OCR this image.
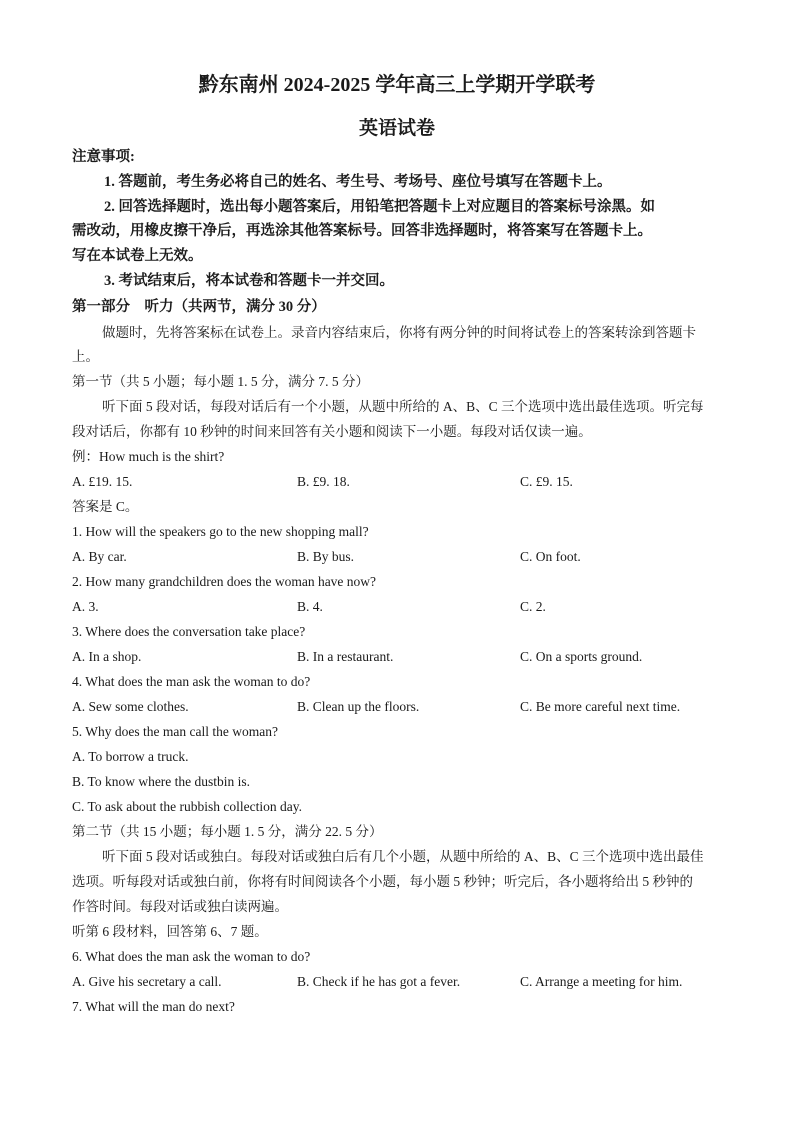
黔东南州 2024-2025 学年高三上学期开学联考
英语试卷
注意事项:
1. 答题前，考生务必将自己的姓名、考生号、考场号、座位号填写在答题卡上。
2. 回答选择题时，选出每小题答案后，用铅笔把答题卡上对应题目的答案标号涂黑。如
需改动，用橡皮擦干净后，再选涂其他答案标号。回答非选择题时，将答案写在答题卡上。
写在本试卷上无效。
3. 考试结束后，将本试卷和答题卡一并交回。
第一部分　听力（共两节，满分 30 分）
做题时，先将答案标在试卷上。录音内容结束后，你将有两分钟的时间将试卷上的答案转涂到答题卡
上。
第一节（共 5 小题；每小题 1. 5 分，满分 7. 5 分）
听下面 5 段对话，每段对话后有一个小题，从题中所给的 A、B、C 三个选项中选出最佳选项。听完每
段对话后，你都有 10 秒钟的时间来回答有关小题和阅读下一小题。每段对话仅读一遍。
例：How much is the shirt?
A. £19. 15.	B. £9. 18.	C. £9. 15.
答案是 C。
1. How will the speakers go to the new shopping mall?
A. By car.	B. By bus.	C. On foot.
2. How many grandchildren does the woman have now?
A. 3.	B. 4.	C. 2.
3. Where does the conversation take place?
A. In a shop.	B. In a restaurant.	C. On a sports ground.
4. What does the man ask the woman to do?
A. Sew some clothes.	B. Clean up the floors.	C. Be more careful next time.
5. Why does the man call the woman?
A. To borrow a truck.
B. To know where the dustbin is.
C. To ask about the rubbish collection day.
第二节（共 15 小题；每小题 1. 5 分，满分 22. 5 分）
听下面 5 段对话或独白。每段对话或独白后有几个小题，从题中所给的 A、B、C 三个选项中选出最佳
选项。听每段对话或独白前，你将有时间阅读各个小题，每小题 5 秒钟；听完后，各小题将给出 5 秒钟的
作答时间。每段对话或独白读两遍。
听第 6 段材料，回答第 6、7 题。
6. What does the man ask the woman to do?
A. Give his secretary a call.	B. Check if he has got a fever.	C. Arrange a meeting for him.
7. What will the man do next?
